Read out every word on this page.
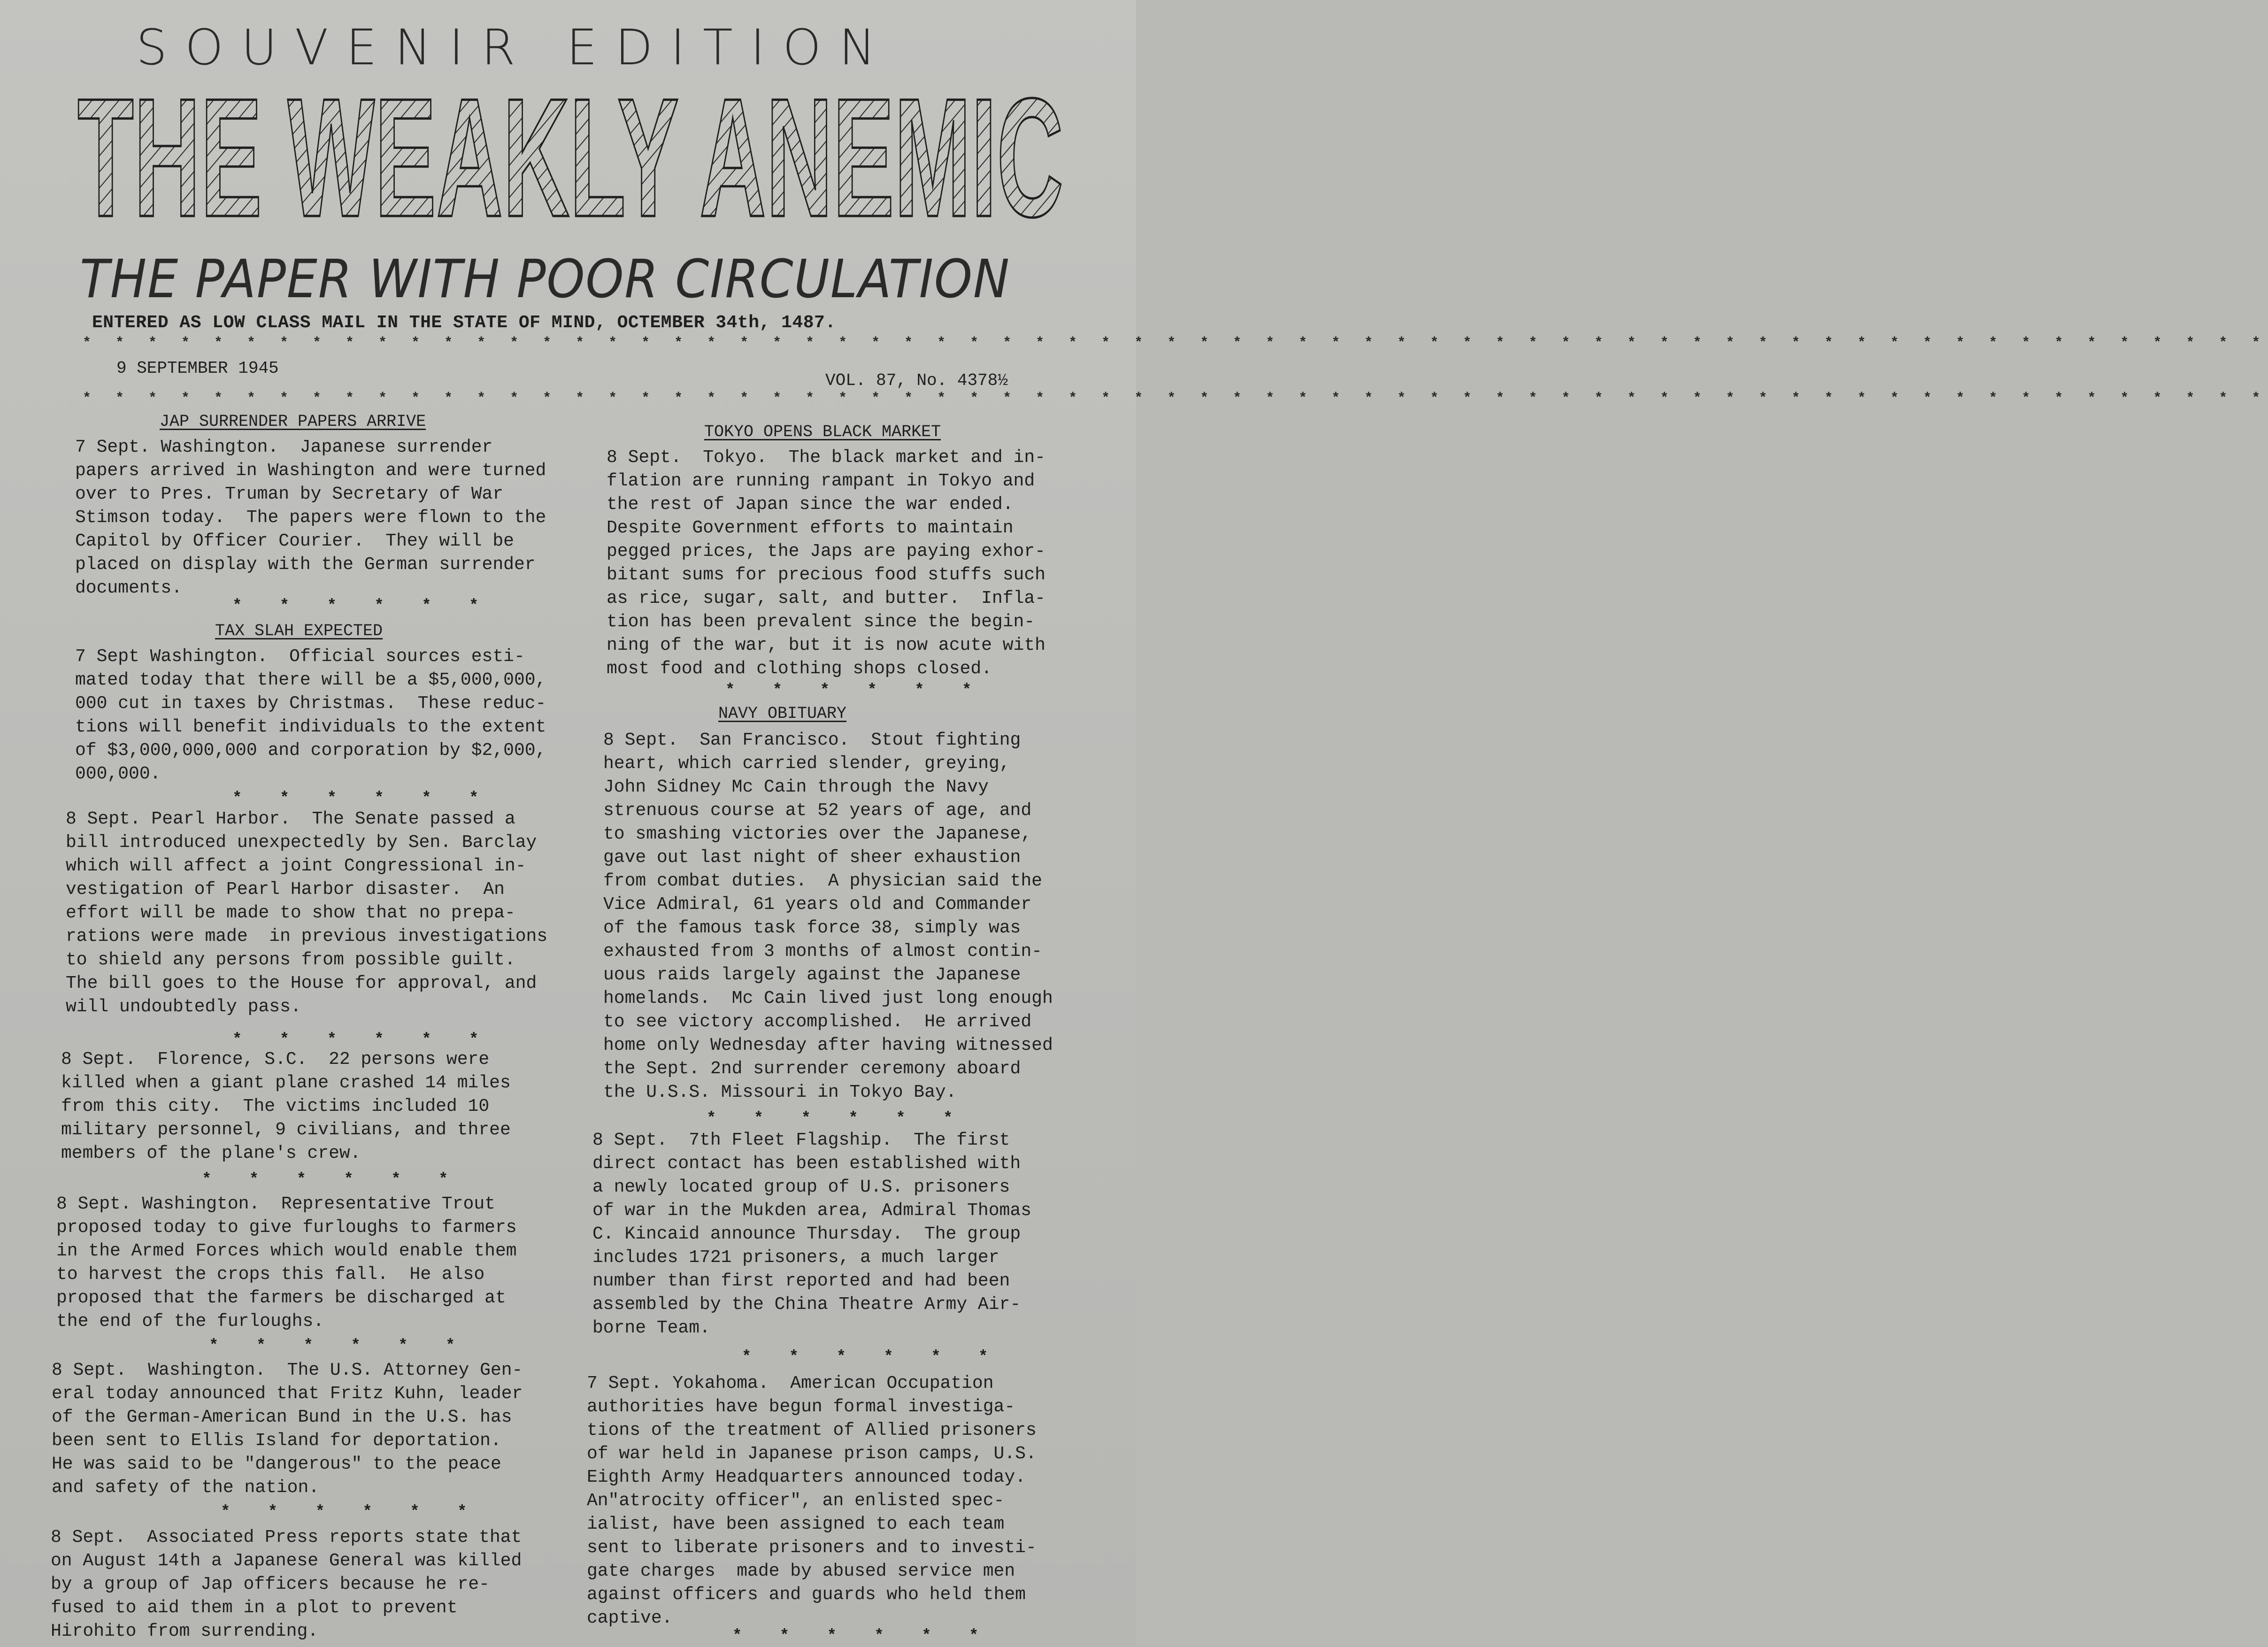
SOUVENIR EDITION
THE WEAKLY ANEMIC
THE PAPER WITH POOR CIRCULATION
ENTERED AS LOW CLASS MAIL IN THE STATE OF MIND, OCTEMBER 34th, 1487.
* * * * * * * * * * * * * * * * * * * * * * * * * * * * * * * * * * * * * * * * * * * * * * * * * * * * * * * * * * * * * * * * * * *
9 SEPTEMBER 1945
VOL. 87, No. 4378½
* * * * * * * * * * * * * * * * * * * * * * * * * * * * * * * * * * * * * * * * * * * * * * * * * * * * * * * * * * * * * * * * * * *
JAP SURRENDER PAPERS ARRIVE

7 Sept. Washington.  Japanese surrender

papers arrived in Washington and were turned

over to Pres. Truman by Secretary of War

Stimson today.  The papers were flown to the

Capitol by Officer Courier.  They will be

placed on display with the German surrender

documents.

* * * * * *
TAX SLAH EXPECTED

7 Sept Washington.  Official sources esti-

mated today that there will be a $5,000,000,

000 cut in taxes by Christmas.  These reduc-

tions will benefit individuals to the extent

of $3,000,000,000 and corporation by $2,000,

000,000.

* * * * * *

8 Sept. Pearl Harbor.  The Senate passed a

bill introduced unexpectedly by Sen. Barclay

which will affect a joint Congressional in-

vestigation of Pearl Harbor disaster.  An

effort will be made to show that no prepa-

rations were made  in previous investigations

to shield any persons from possible guilt.

The bill goes to the House for approval, and

will undoubtedly pass.

* * * * * *

8 Sept.  Florence, S.C.  22 persons were

killed when a giant plane crashed 14 miles

from this city.  The victims included 10

military personnel, 9 civilians, and three

members of the plane's crew.

* * * * * *

8 Sept. Washington.  Representative Trout

proposed today to give furloughs to farmers

in the Armed Forces which would enable them

to harvest the crops this fall.  He also

proposed that the farmers be discharged at

the end of the furloughs.

* * * * * *

8 Sept.  Washington.  The U.S. Attorney Gen-

eral today announced that Fritz Kuhn, leader

of the German-American Bund in the U.S. has

been sent to Ellis Island for deportation.

He was said to be "dangerous" to the peace

and safety of the nation.

* * * * * *

8 Sept.  Associated Press reports state that

on August 14th a Japanese General was killed

by a group of Jap officers because he re-

fused to aid them in a plot to prevent

Hirohito from surrending.

TOKYO OPENS BLACK MARKET

8 Sept.  Tokyo.  The black market and in-

flation are running rampant in Tokyo and

the rest of Japan since the war ended.

Despite Government efforts to maintain

pegged prices, the Japs are paying exhor-

bitant sums for precious food stuffs such

as rice, sugar, salt, and butter.  Infla-

tion has been prevalent since the begin-

ning of the war, but it is now acute with

most food and clothing shops closed.

* * * * * *
NAVY OBITUARY

8 Sept.  San Francisco.  Stout fighting

heart, which carried slender, greying,

John Sidney Mc Cain through the Navy

strenuous course at 52 years of age, and

to smashing victories over the Japanese,

gave out last night of sheer exhaustion

from combat duties.  A physician said the

Vice Admiral, 61 years old and Commander

of the famous task force 38, simply was

exhausted from 3 months of almost contin-

uous raids largely against the Japanese

homelands.  Mc Cain lived just long enough

to see victory accomplished.  He arrived

home only Wednesday after having witnessed

the Sept. 2nd surrender ceremony aboard

the U.S.S. Missouri in Tokyo Bay.

* * * * * *

8 Sept.  7th Fleet Flagship.  The first

direct contact has been established with

a newly located group of U.S. prisoners

of war in the Mukden area, Admiral Thomas

C. Kincaid announce Thursday.  The group

includes 1721 prisoners, a much larger

number than first reported and had been

assembled by the China Theatre Army Air-

borne Team.

* * * * * *

7 Sept. Yokahoma.  American Occupation

authorities have begun formal investiga-

tions of the treatment of Allied prisoners

of war held in Japanese prison camps, U.S.

Eighth Army Headquarters announced today.

An"atrocity officer", an enlisted spec-

ialist, have been assigned to each team

sent to liberate prisoners and to investi-

gate charges  made by abused service men

against officers and guards who held them

captive.

* * * * * *
